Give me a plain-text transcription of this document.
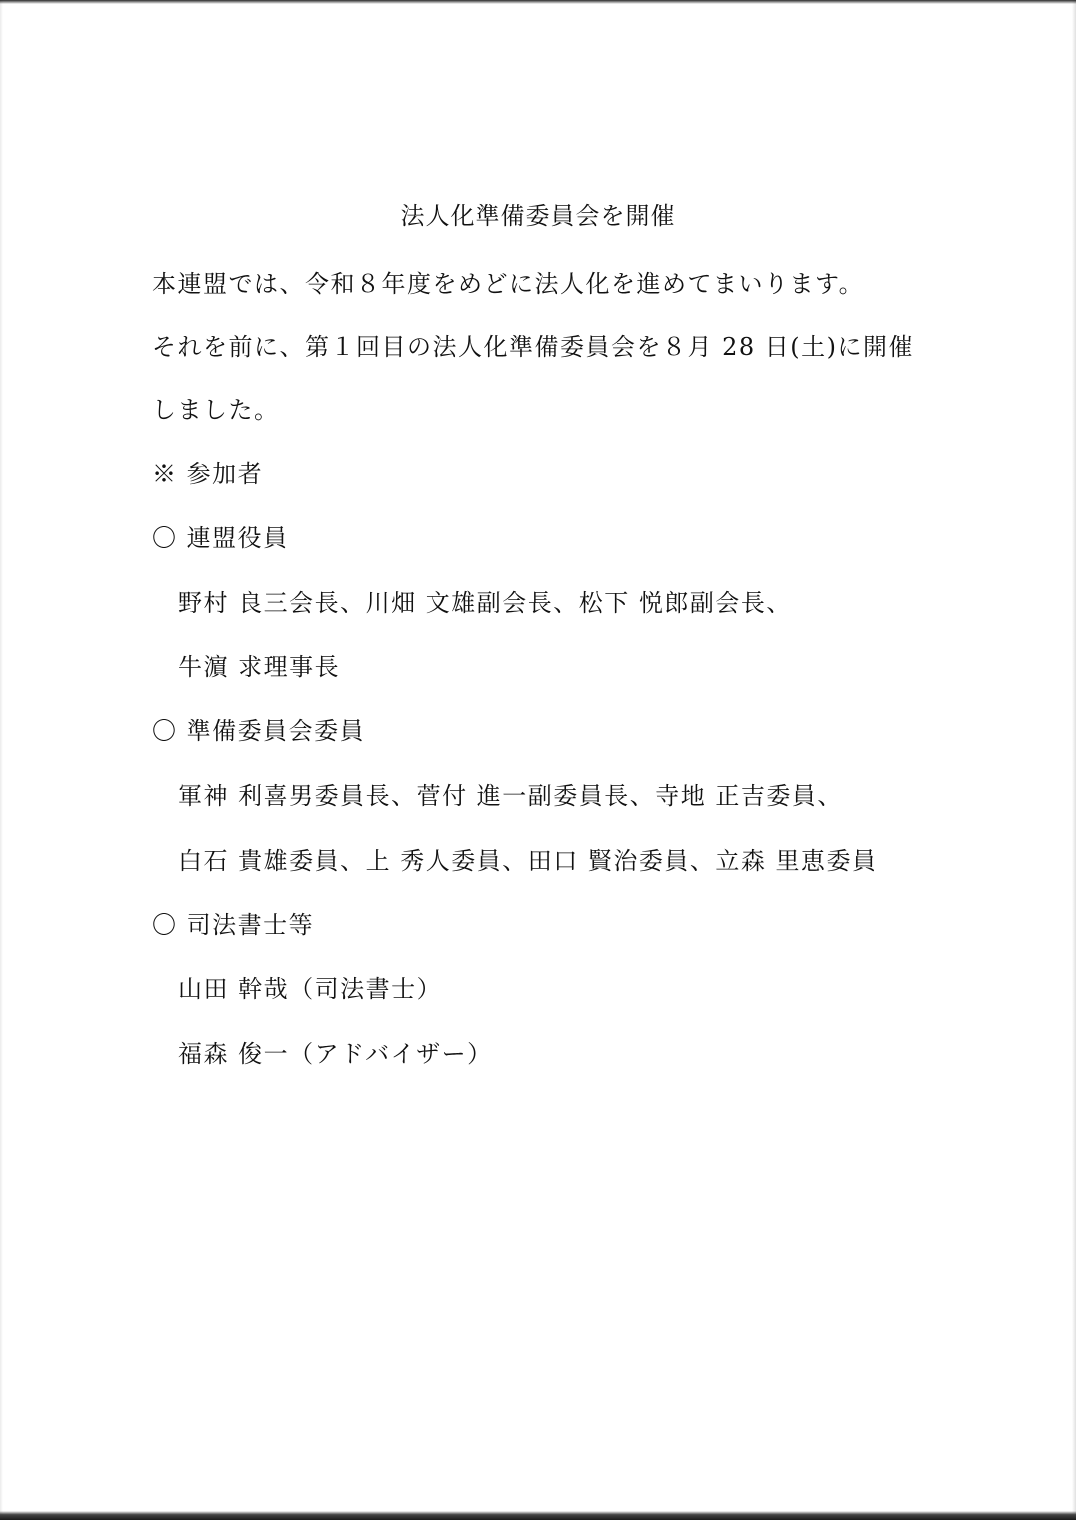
法人化準備委員会を開催
本連盟では、令和８年度をめどに法人化を進めてまいります。
それを前に、第１回目の法人化準備委員会を８月 28 日(土)に開催
しました。
※ 参加者
〇 連盟役員
野村 良三会長、川畑 文雄副会長、松下 悦郎副会長、
牛濵 求理事長
〇 準備委員会委員
軍神 利喜男委員長、菅付 進一副委員長、寺地 正吉委員、
白石 貴雄委員、上 秀人委員、田口 賢治委員、立森 里恵委員
〇 司法書士等
山田 幹哉（司法書士）
福森 俊一（アドバイザー）
